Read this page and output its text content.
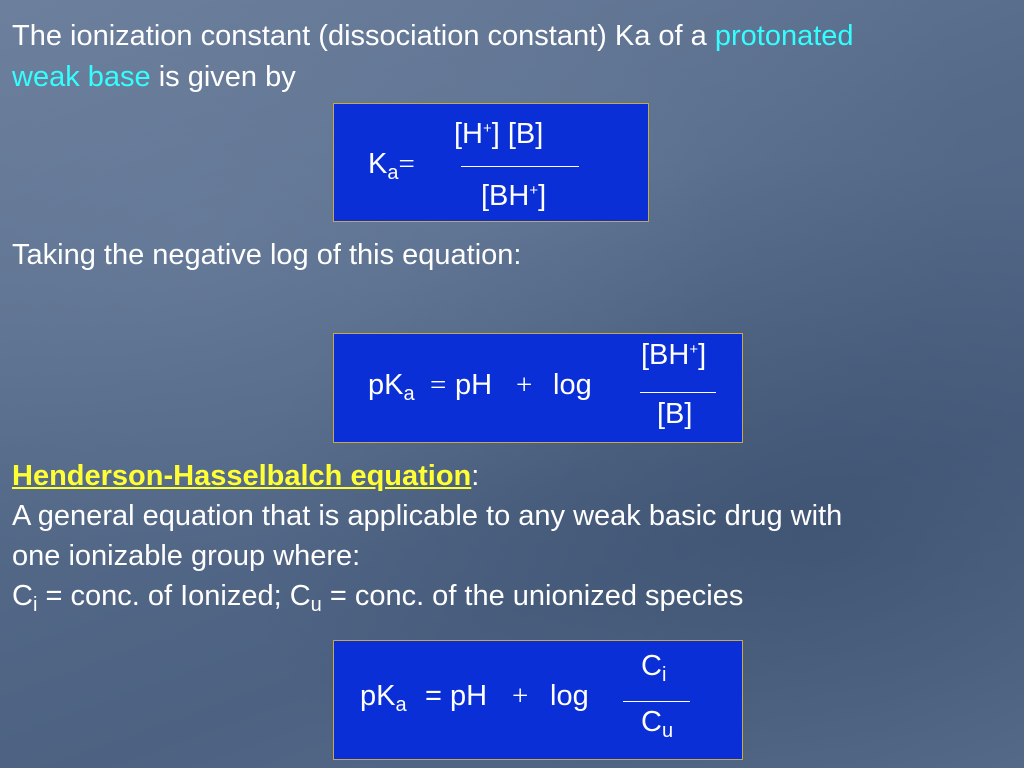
The ionization constant (dissociation constant) Ka of a protonated
weak base is given by
[H+] [B]
$K_a=$
[BH+]
Taking the negative log of this equation:
$pK_a$ = pH + log
[BH+]
[B]
Henderson-Hasselbalch equation:
A general equation that is applicable to any weak basic drug with
one ionizable group where:
$C_i$ = conc. of Ionized; $C_u$ = conc. of the unionized species
$pK_a$ = pH + log
$C_i$
$C_u$
